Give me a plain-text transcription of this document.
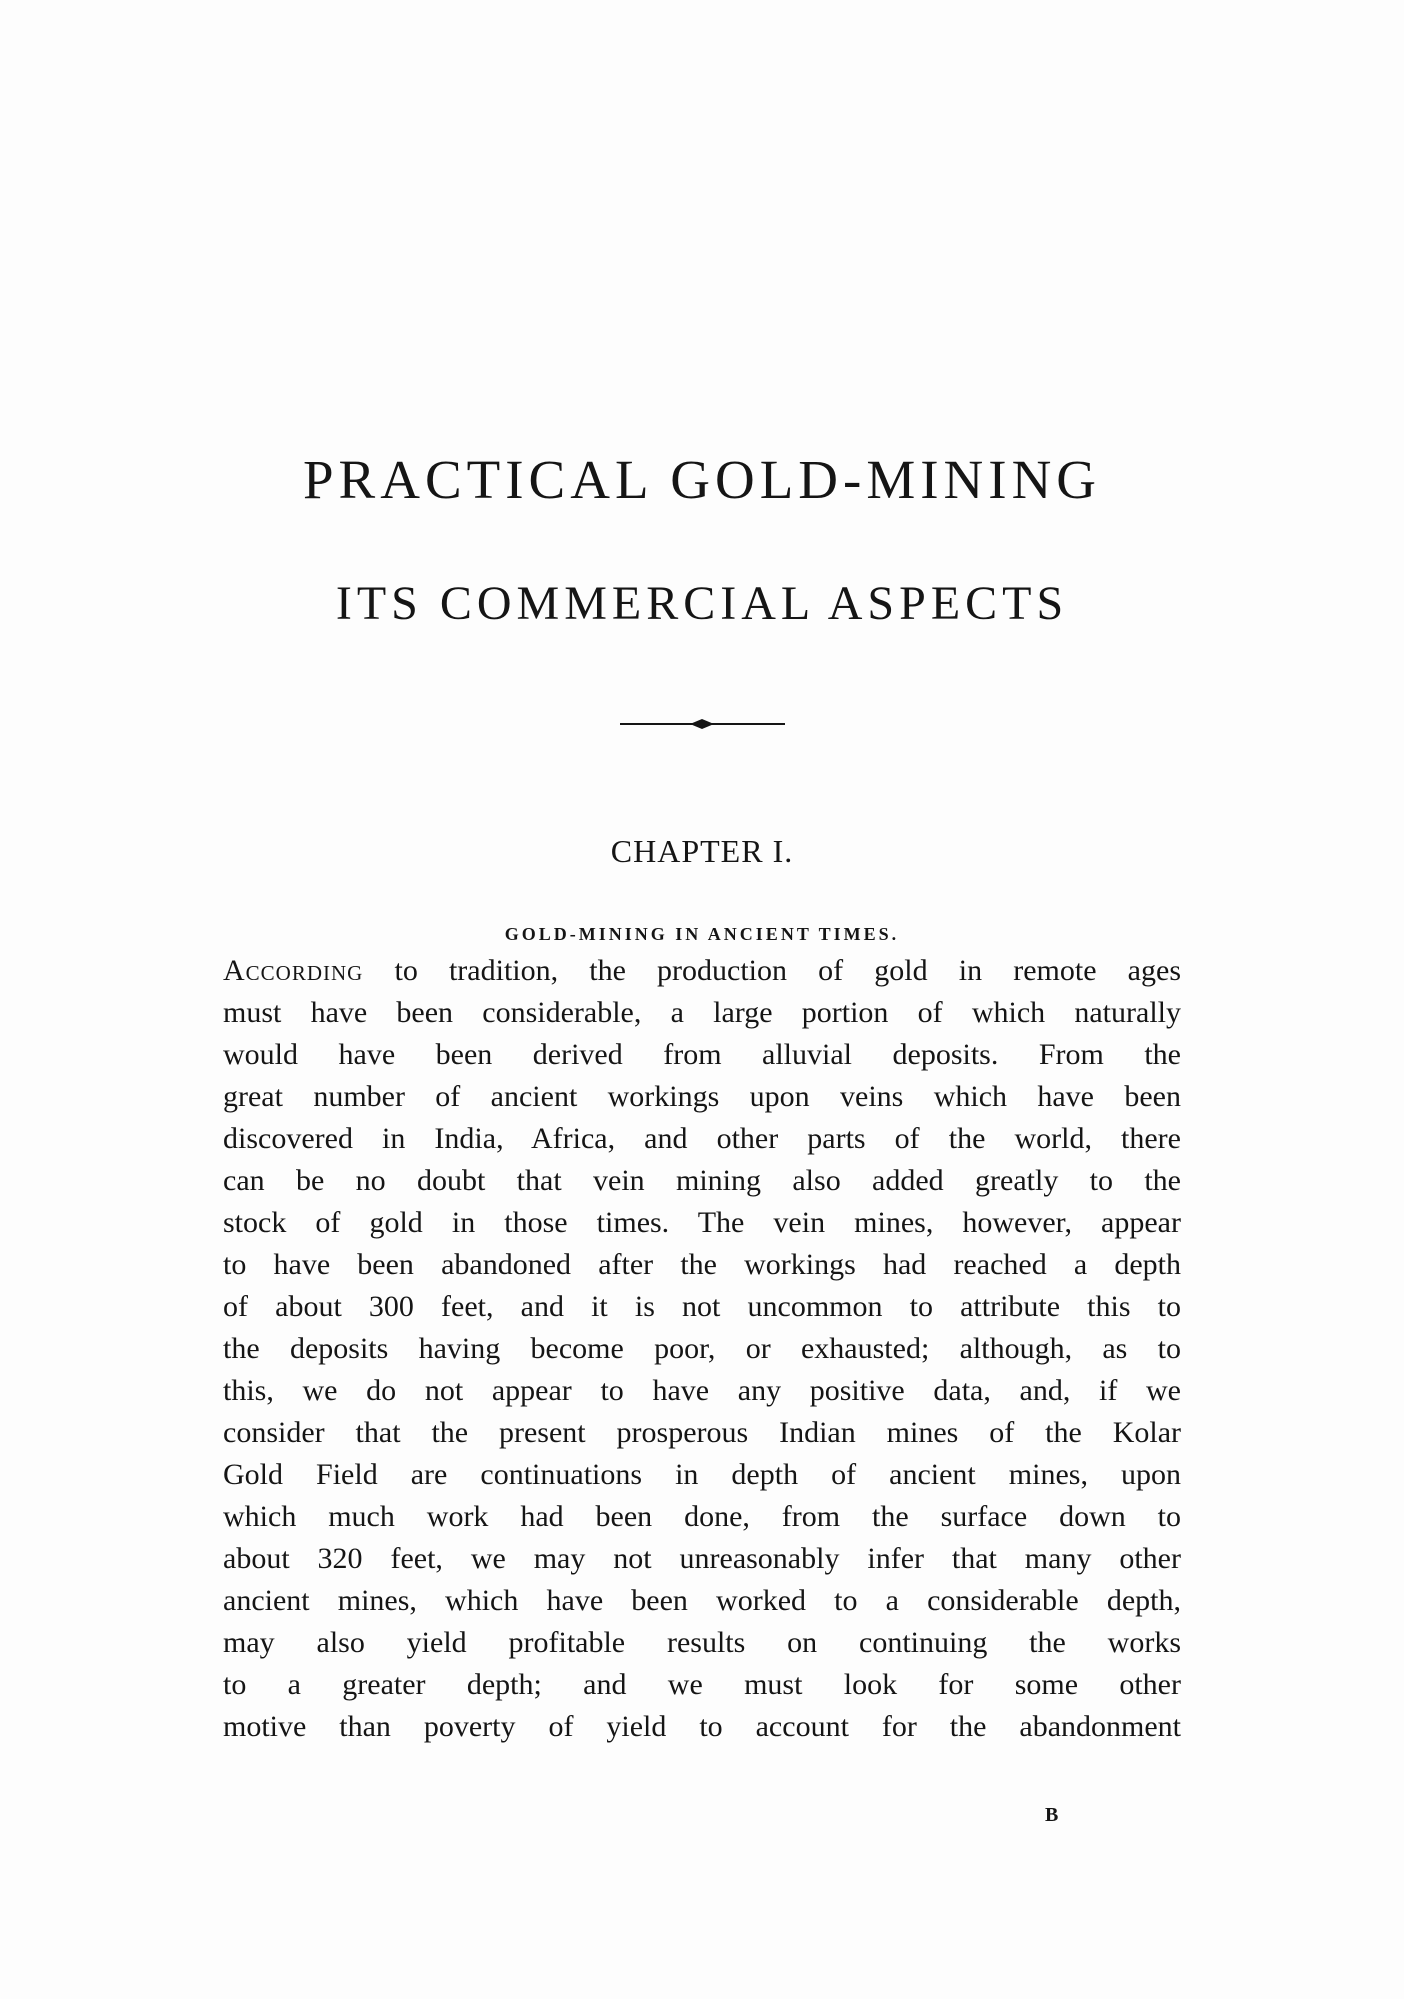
PRACTICAL GOLD-MINING
ITS COMMERCIAL ASPECTS
CHAPTER I.
GOLD-MINING IN ANCIENT TIMES.
According to tradition, the production of gold in remote ages
must have been considerable, a large portion of which naturally
would have been derived from alluvial deposits. From the
great number of ancient workings upon veins which have been
discovered in India, Africa, and other parts of the world, there
can be no doubt that vein mining also added greatly to the
stock of gold in those times. The vein mines, however, appear
to have been abandoned after the workings had reached a depth
of about 300 feet, and it is not uncommon to attribute this to
the deposits having become poor, or exhausted; although, as to
this, we do not appear to have any positive data, and, if we
consider that the present prosperous Indian mines of the Kolar
Gold Field are continuations in depth of ancient mines, upon
which much work had been done, from the surface down to
about 320 feet, we may not unreasonably infer that many other
ancient mines, which have been worked to a considerable depth,
may also yield profitable results on continuing the works
to a greater depth; and we must look for some other
motive than poverty of yield to account for the abandonment
B
